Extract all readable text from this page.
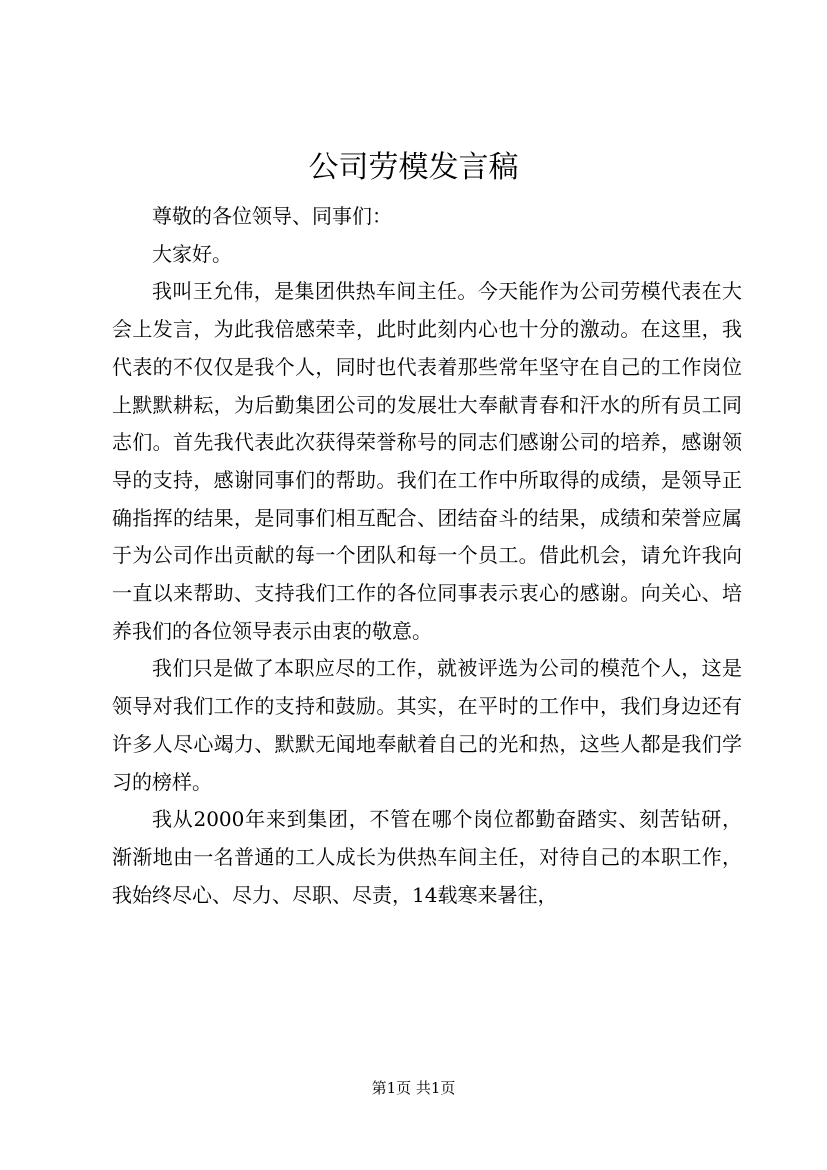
公司劳模发言稿

尊敬的各位领导、同事们：

大家好。

我叫王允伟，是集团供热车间主任。今天能作为公司劳模代表在大会上发言，为此我倍感荣幸，此时此刻内心也十分的激动。在这里，我代表的不仅仅是我个人，同时也代表着那些常年坚守在自己的工作岗位上默默耕耘，为后勤集团公司的发展壮大奉献青春和汗水的所有员工同志们。首先我代表此次获得荣誉称号的同志们感谢公司的培养，感谢领导的支持，感谢同事们的帮助。我们在工作中所取得的成绩，是领导正确指挥的结果，是同事们相互配合、团结奋斗的结果，成绩和荣誉应属于为公司作出贡献的每一个团队和每一个员工。借此机会，请允许我向一直以来帮助、支持我们工作的各位同事表示衷心的感谢。向关心、培养我们的各位领导表示由衷的敬意。

我们只是做了本职应尽的工作，就被评选为公司的模范个人，这是领导对我们工作的支持和鼓励。其实，在平时的工作中，我们身边还有许多人尽心竭力、默默无闻地奉献着自己的光和热，这些人都是我们学习的榜样。

我从2000年来到集团，不管在哪个岗位都勤奋踏实、刻苦钻研，渐渐地由一名普通的工人成长为供热车间主任，对待自己的本职工作，我始终尽心、尽力、尽职、尽责，14载寒来暑往，

第1页 共1页
